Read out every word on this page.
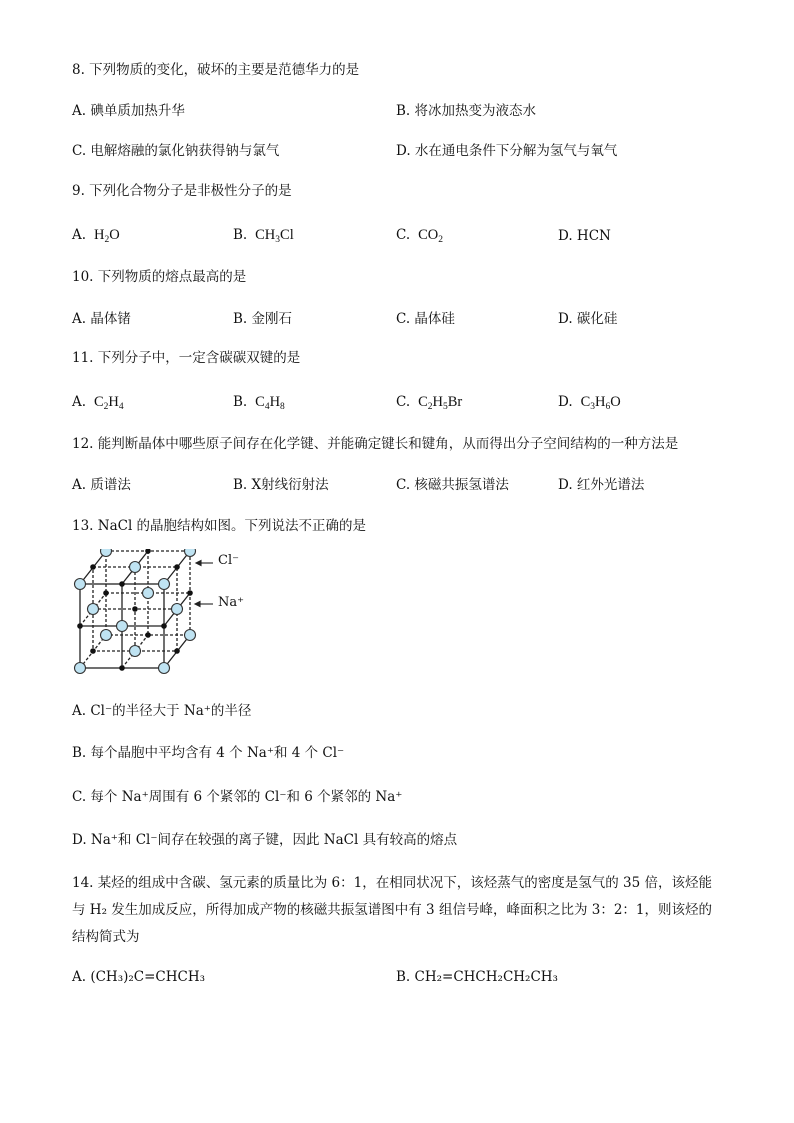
8. 下列物质的变化，破坏的主要是范德华力的是
A. 碘单质加热升华	B. 将冰加热变为液态水
C. 电解熔融的氯化钠获得钠与氯气	D. 水在通电条件下分解为氢气与氧气
9. 下列化合物分子是非极性分子的是
A.  $H_2O$	B.  $CH_3Cl$	C.  $CO_2$	D. HCN
10. 下列物质的熔点最高的是
A. 晶体锗	B. 金刚石	C. 晶体硅	D. 碳化硅
11. 下列分子中，一定含碳碳双键的是
A.  $C_2H_4$	B.  $C_4H_8$	C.  $C_2H_5Br$	D.  $C_3H_6O$
12. 能判断晶体中哪些原子间存在化学键、并能确定键长和键角，从而得出分子空间结构的一种方法是
A. 质谱法	B. X射线衍射法	C. 核磁共振氢谱法	D. 红外光谱法
13. NaCl 的晶胞结构如图。下列说法不正确的是
Cl⁻
Na⁺
A. Cl⁻的半径大于 Na⁺的半径
B. 每个晶胞中平均含有 4 个 Na⁺和 4 个 Cl⁻
C. 每个 Na⁺周围有 6 个紧邻的 Cl⁻和 6 个紧邻的 Na⁺
D. Na⁺和 Cl⁻间存在较强的离子键，因此 NaCl 具有较高的熔点
14. 某烃的组成中含碳、氢元素的质量比为 6：1，在相同状况下，该烃蒸气的密度是氢气的 35 倍，该烃能
与 H₂ 发生加成反应，所得加成产物的核磁共振氢谱图中有 3 组信号峰，峰面积之比为 3：2：1，则该烃的
结构简式为
A. (CH₃)₂C=CHCH₃	B. CH₂=CHCH₂CH₂CH₃
